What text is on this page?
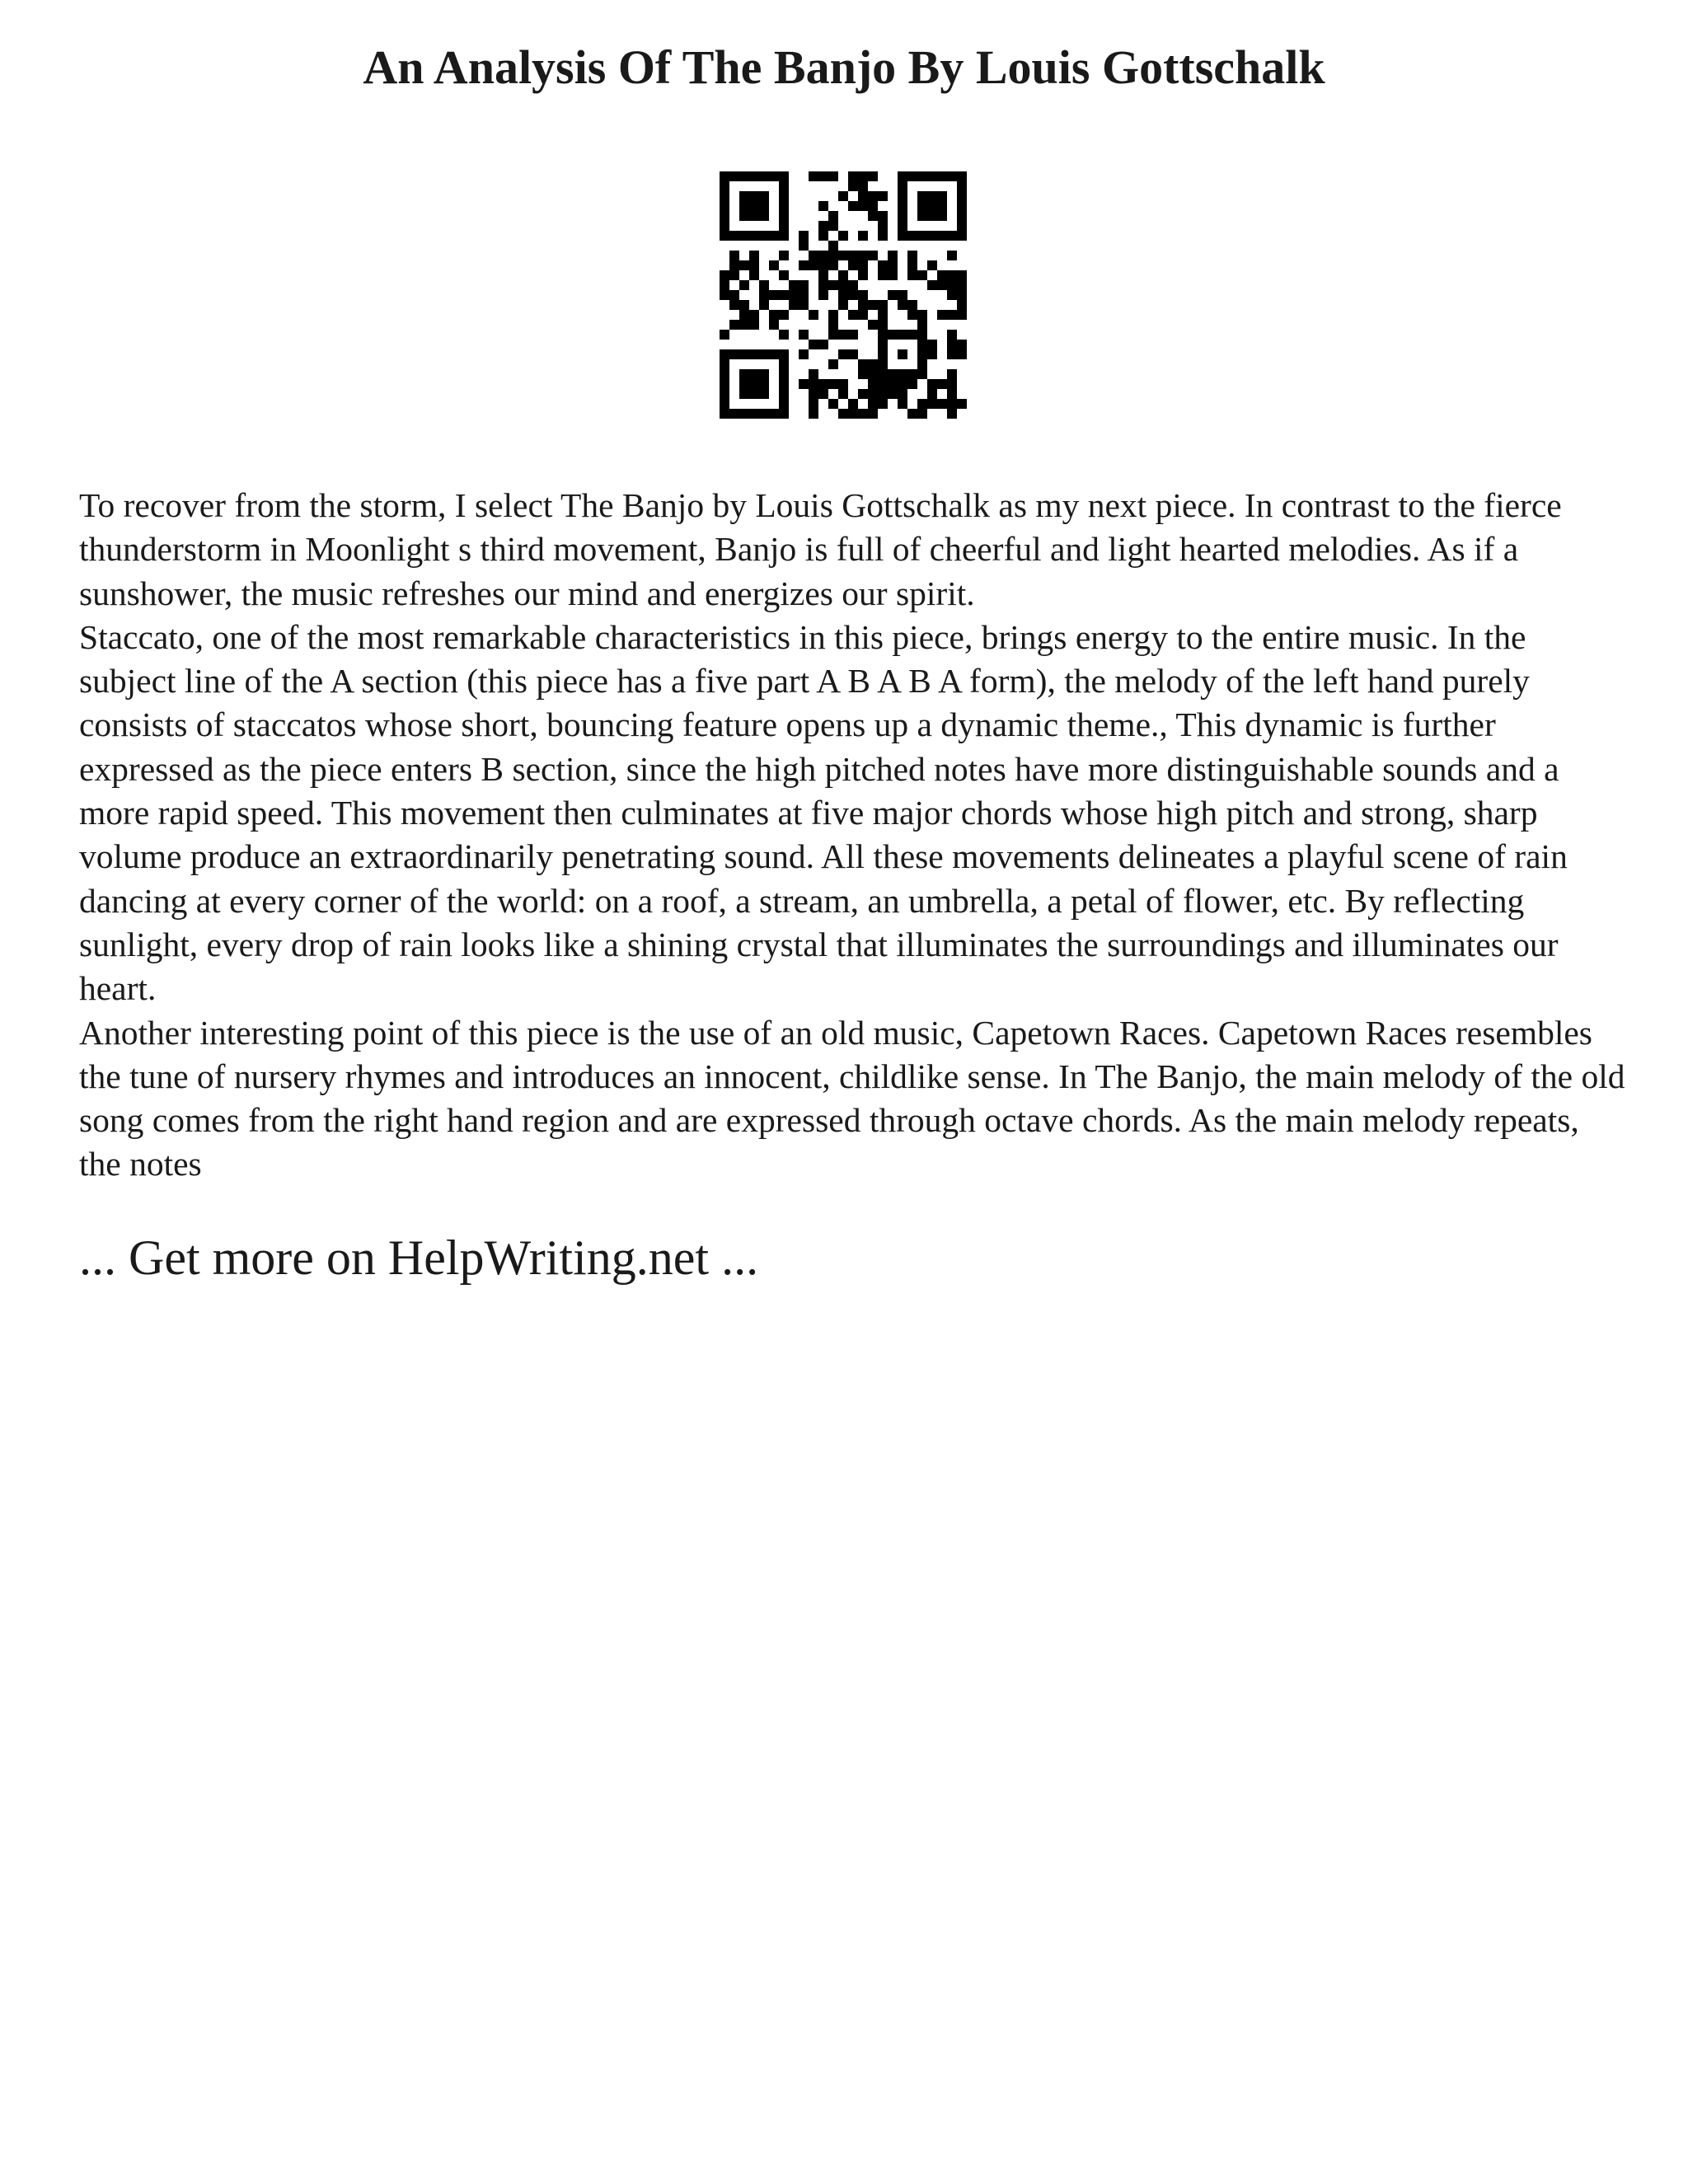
An Analysis Of The Banjo By Louis Gottschalk

To recover from the storm, I select The Banjo by Louis Gottschalk as my next piece. In contrast to the fierce thunderstorm in Moonlight s third movement, Banjo is full of cheerful and light hearted melodies. As if a sunshower, the music refreshes our mind and energizes our spirit.

Staccato, one of the most remarkable characteristics in this piece, brings energy to the entire music. In the subject line of the A section (this piece has a five part A B A B A form), the melody of the left hand purely consists of staccatos whose short, bouncing feature opens up a dynamic theme., This dynamic is further expressed as the piece enters B section, since the high pitched notes have more distinguishable sounds and a more rapid speed. This movement then culminates at five major chords whose high pitch and strong, sharp volume produce an extraordinarily penetrating sound. All these movements delineates a playful scene of rain dancing at every corner of the world: on a roof, a stream, an umbrella, a petal of flower, etc. By reflecting sunlight, every drop of rain looks like a shining crystal that illuminates the surroundings and illuminates our heart.

Another interesting point of this piece is the use of an old music, Capetown Races. Capetown Races resembles the tune of nursery rhymes and introduces an innocent, childlike sense. In The Banjo, the main melody of the old song comes from the right hand region and are expressed through octave chords. As the main melody repeats, the notes

... Get more on HelpWriting.net ...
